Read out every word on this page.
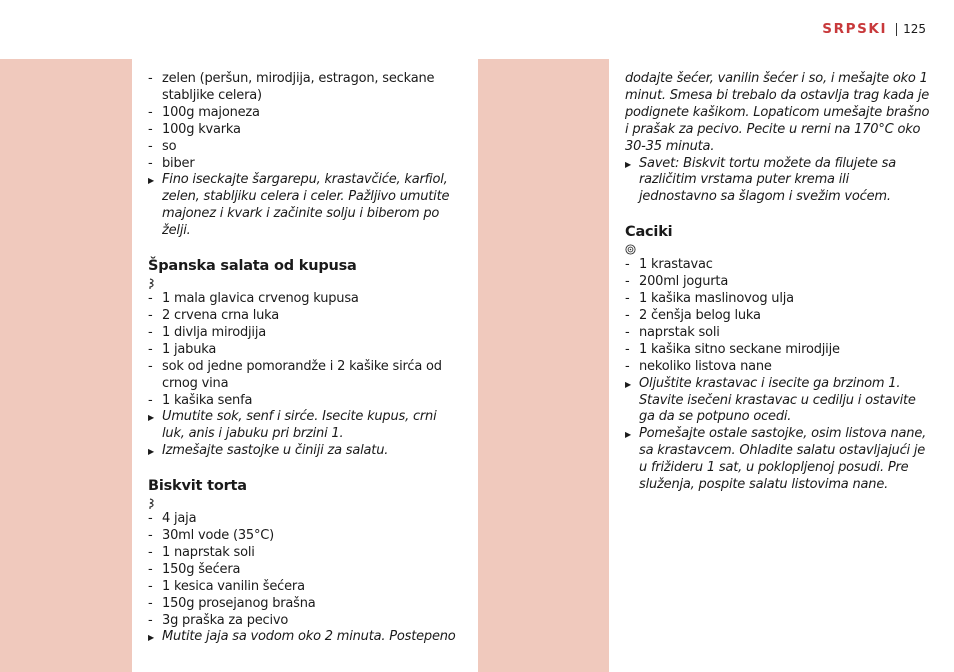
SRPSKI 125
- zelen (peršun, mirodjija, estragon, seckane stabljike celera)
- 100g majoneza
- 100g kvarka
- so
- biber
▶ Fino iseckajte šargarepu, krastavčiće, karfiol, zelen, stabljiku celera i celer. Pažljivo umutite majonez i kvark i začinite solju i biberom po želji.
Španska salata od kupusa
- 1 mala glavica crvenog kupusa
- 2 crvena crna luka
- 1 divlja mirodjija
- 1 jabuka
- sok od jedne pomorandže i 2 kašike sirća od crnog vina
- 1 kašika senfa
▶ Umutite sok, senf i sirće. Isecite kupus, crni luk, anis i jabuku pri brzini 1.
▶ Izmešajte sastojke u činiji za salatu.
Biskvit torta
- 4 jaja
- 30ml vode (35°C)
- 1 naprstak soli
- 150g šećera
- 1 kesica vanilin šećera
- 150g prosejanog brašna
- 3g praška za pecivo
▶ Mutite jaja sa vodom oko 2 minuta. Postepeno
dodajte šećer, vanilin šećer i so, i mešajte oko 1 minut. Smesa bi trebalo da ostavlja trag kada je podignete kašikom. Lopaticom umešajte brašno i prašak za pecivo. Pecite u rerni na 170°C oko 30-35 minuta.
▶ Savet: Biskvit tortu možete da filujete sa različitim vrstama puter krema ili jednostavno sa šlagom i svežim voćem.
Caciki
- 1 krastavac
- 200ml jogurta
- 1 kašika maslinovog ulja
- 2 čenšja belog luka
- naprstak soli
- 1 kašika sitno seckane mirodjije
- nekoliko listova nane
▶ Oljuštite krastavac i isecite ga brzinom 1. Stavite isečeni krastavac u cedilju i ostavite ga da se potpuno ocedi.
▶ Pomešajte ostale sastojke, osim listova nane, sa krastavcem. Ohladite salatu ostavljajući je u frižideru 1 sat, u poklopljenoj posudi. Pre služenja, pospite salatu listovima nane.
